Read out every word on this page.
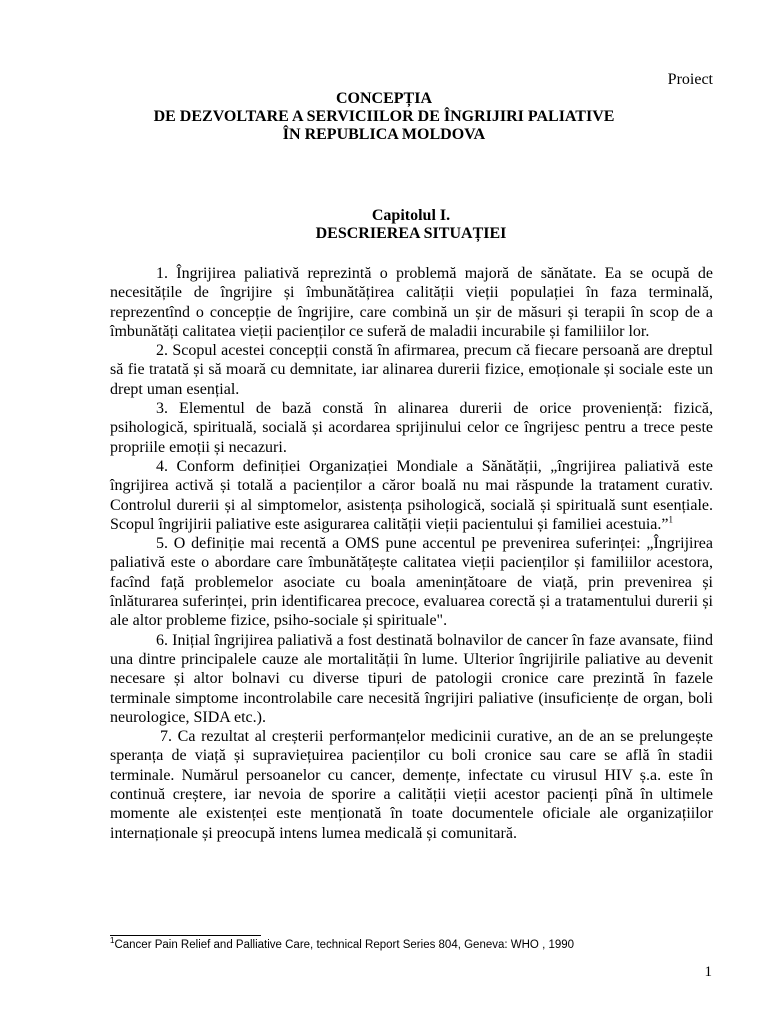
Proiect
CONCEPȚIA
DE DEZVOLTARE A SERVICIILOR DE ÎNGRIJIRI PALIATIVE
ÎN REPUBLICA MOLDOVA
Capitolul I.
DESCRIEREA SITUAȚIEI

1. Îngrijirea paliativă reprezintă o problemă majoră de sănătate. Ea se ocupă de necesitățile de îngrijire și îmbunătățirea calității vieții populației în faza terminală, reprezentînd o concepție de îngrijire, care combină un șir de măsuri și terapii în scop de a îmbunătăți calitatea vieții pacienților ce suferă de maladii incurabile și familiilor lor.

2. Scopul acestei concepții constă în afirmarea, precum că fiecare persoană are dreptul să fie tratată și să moară cu demnitate, iar alinarea durerii fizice, emoționale și sociale este un drept uman esențial.

3. Elementul de bază constă în alinarea durerii de orice proveniență: fizică, psihologică, spirituală, socială și acordarea sprijinului celor ce îngrijesc pentru a trece peste propriile emoții și necazuri.

4. Conform definiției Organizației Mondiale a Sănătății, „îngrijirea paliativă este îngrijirea activă și totală a pacienților a căror boală nu mai răspunde la tratament curativ. Controlul durerii și al simptomelor, asistența psihologică, socială și spirituală sunt esențiale. Scopul îngrijirii paliative este asigurarea calității vieții pacientului și familiei acestuia.”$^1$

5. O definiție mai recentă a OMS pune accentul pe prevenirea suferinței: „Îngrijirea paliativă este o abordare care îmbunătățește calitatea vieții pacienților și familiilor acestora, facînd față problemelor asociate cu boala amenințătoare de viață, prin prevenirea și înlăturarea suferinței, prin identificarea precoce, evaluarea corectă și a tratamentului durerii și ale altor probleme fizice, psiho-sociale și spirituale".

6. Inițial îngrijirea paliativă a fost destinată bolnavilor de cancer în faze avansate, fiind una dintre principalele cauze ale mortalității în lume. Ulterior îngrijirile paliative au devenit necesare și altor bolnavi cu diverse tipuri de patologii cronice care prezintă în fazele terminale simptome incontrolabile care necesită îngrijiri paliative (insuficiențe de organ, boli neurologice, SIDA etc.).

7. Ca rezultat al creșterii performanțelor medicinii curative, an de an se prelungește speranța de viață și supraviețuirea pacienților cu boli cronice sau care se află în stadii terminale. Numărul persoanelor cu cancer, demențe, infectate cu virusul HIV ș.a. este în continuă creștere, iar nevoia de sporire a calității vieții acestor pacienți pînă în ultimele momente ale existenței este menționată în toate documentele oficiale ale organizațiilor internaționale și preocupă intens lumea medicală și comunitară.

$^1$Cancer Pain Relief and Palliative Care, technical Report Series 804, Geneva: WHO , 1990
1
